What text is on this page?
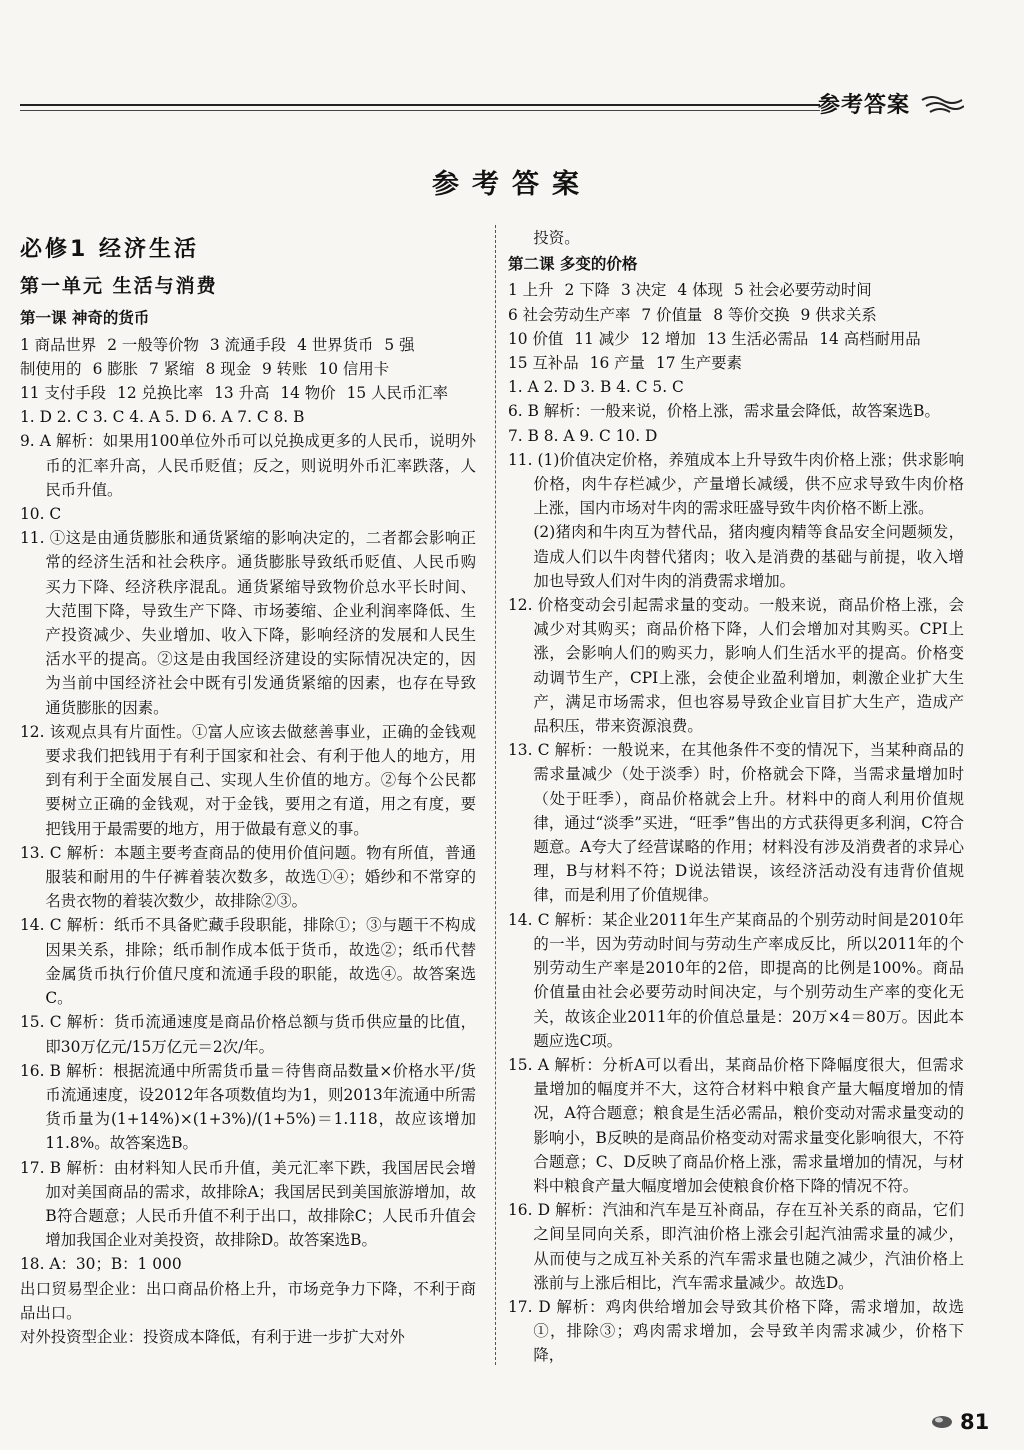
参考答案
参考答案

必修1 经济生活

第一单元 生活与消费

第一课 神奇的货币

1 商品世界 2 一般等价物 3 流通手段 4 世界货币 5 强

制使用的 6 膨胀 7 紧缩 8 现金 9 转账 10 信用卡

11 支付手段 12 兑换比率 13 升高 14 物价 15 人民币汇率

1. D 2. C 3. C 4. A 5. D 6. A 7. C 8. B

9. A 解析：如果用100单位外币可以兑换成更多的人民币，说明外币的汇率升高，人民币贬值；反之，则说明外币汇率跌落，人民币升值。

10. C

11. ①这是由通货膨胀和通货紧缩的影响决定的，二者都会影响正常的经济生活和社会秩序。通货膨胀导致纸币贬值、人民币购买力下降、经济秩序混乱。通货紧缩导致物价总水平长时间、大范围下降，导致生产下降、市场萎缩、企业利润率降低、生产投资减少、失业增加、收入下降，影响经济的发展和人民生活水平的提高。②这是由我国经济建设的实际情况决定的，因为当前中国经济社会中既有引发通货紧缩的因素，也存在导致通货膨胀的因素。

12. 该观点具有片面性。①富人应该去做慈善事业，正确的金钱观要求我们把钱用于有利于国家和社会、有利于他人的地方，用到有利于全面发展自己、实现人生价值的地方。②每个公民都要树立正确的金钱观，对于金钱，要用之有道，用之有度，要把钱用于最需要的地方，用于做最有意义的事。

13. C 解析：本题主要考查商品的使用价值问题。物有所值，普通服装和耐用的牛仔裤着装次数多，故选①④；婚纱和不常穿的名贵衣物的着装次数少，故排除②③。

14. C 解析：纸币不具备贮藏手段职能，排除①；③与题干不构成因果关系，排除；纸币制作成本低于货币，故选②；纸币代替金属货币执行价值尺度和流通手段的职能，故选④。故答案选C。

15. C 解析：货币流通速度是商品价格总额与货币供应量的比值，即30万亿元/15万亿元＝2次/年。

16. B 解析：根据流通中所需货币量＝待售商品数量×价格水平/货币流通速度，设2012年各项数值均为1，则2013年流通中所需货币量为(1+14%)×(1+3%)/(1+5%)＝1.118，故应该增加11.8%。故答案选B。

17. B 解析：由材料知人民币升值，美元汇率下跌，我国居民会增加对美国商品的需求，故排除A；我国居民到美国旅游增加，故B符合题意；人民币升值不利于出口，故排除C；人民币升值会增加我国企业对美投资，故排除D。故答案选B。

18. A：30；B：1 000

出口贸易型企业：出口商品价格上升，市场竞争力下降，不利于商品出口。

对外投资型企业：投资成本降低，有利于进一步扩大对外

投资。

第二课 多变的价格

1 上升 2 下降 3 决定 4 体现 5 社会必要劳动时间

6 社会劳动生产率 7 价值量 8 等价交换 9 供求关系

10 价值 11 减少 12 增加 13 生活必需品 14 高档耐用品

15 互补品 16 产量 17 生产要素

1. A 2. D 3. B 4. C 5. C

6. B 解析：一般来说，价格上涨，需求量会降低，故答案选B。

7. B 8. A 9. C 10. D

11. (1)价值决定价格，养殖成本上升导致牛肉价格上涨；供求影响价格，肉牛存栏减少，产量增长减缓，供不应求导致牛肉价格上涨，国内市场对牛肉的需求旺盛导致牛肉价格不断上涨。

(2)猪肉和牛肉互为替代品，猪肉瘦肉精等食品安全问题频发，造成人们以牛肉替代猪肉；收入是消费的基础与前提，收入增加也导致人们对牛肉的消费需求增加。

12. 价格变动会引起需求量的变动。一般来说，商品价格上涨，会减少对其购买；商品价格下降，人们会增加对其购买。CPI上涨，会影响人们的购买力，影响人们生活水平的提高。价格变动调节生产，CPI上涨，会使企业盈利增加，刺激企业扩大生产，满足市场需求，但也容易导致企业盲目扩大生产，造成产品积压，带来资源浪费。

13. C 解析：一般说来，在其他条件不变的情况下，当某种商品的需求量减少（处于淡季）时，价格就会下降，当需求量增加时（处于旺季），商品价格就会上升。材料中的商人利用价值规律，通过“淡季”买进，“旺季”售出的方式获得更多利润，C符合题意。A夸大了经营谋略的作用；材料没有涉及消费者的求异心理，B与材料不符；D说法错误，该经济活动没有违背价值规律，而是利用了价值规律。

14. C 解析：某企业2011年生产某商品的个别劳动时间是2010年的一半，因为劳动时间与劳动生产率成反比，所以2011年的个别劳动生产率是2010年的2倍，即提高的比例是100%。商品价值量由社会必要劳动时间决定，与个别劳动生产率的变化无关，故该企业2011年的价值总量是：20万×4＝80万。因此本题应选C项。

15. A 解析：分析A可以看出，某商品价格下降幅度很大，但需求量增加的幅度并不大，这符合材料中粮食产量大幅度增加的情况，A符合题意；粮食是生活必需品，粮价变动对需求量变动的影响小，B反映的是商品价格变动对需求量变化影响很大，不符合题意；C、D反映了商品价格上涨，需求量增加的情况，与材料中粮食产量大幅度增加会使粮食价格下降的情况不符。

16. D 解析：汽油和汽车是互补商品，存在互补关系的商品，它们之间呈同向关系，即汽油价格上涨会引起汽油需求量的减少，从而使与之成互补关系的汽车需求量也随之减少，汽油价格上涨前与上涨后相比，汽车需求量减少。故选D。

17. D 解析：鸡肉供给增加会导致其价格下降，需求增加，故选①，排除③；鸡肉需求增加，会导致羊肉需求减少，价格下降，

81
